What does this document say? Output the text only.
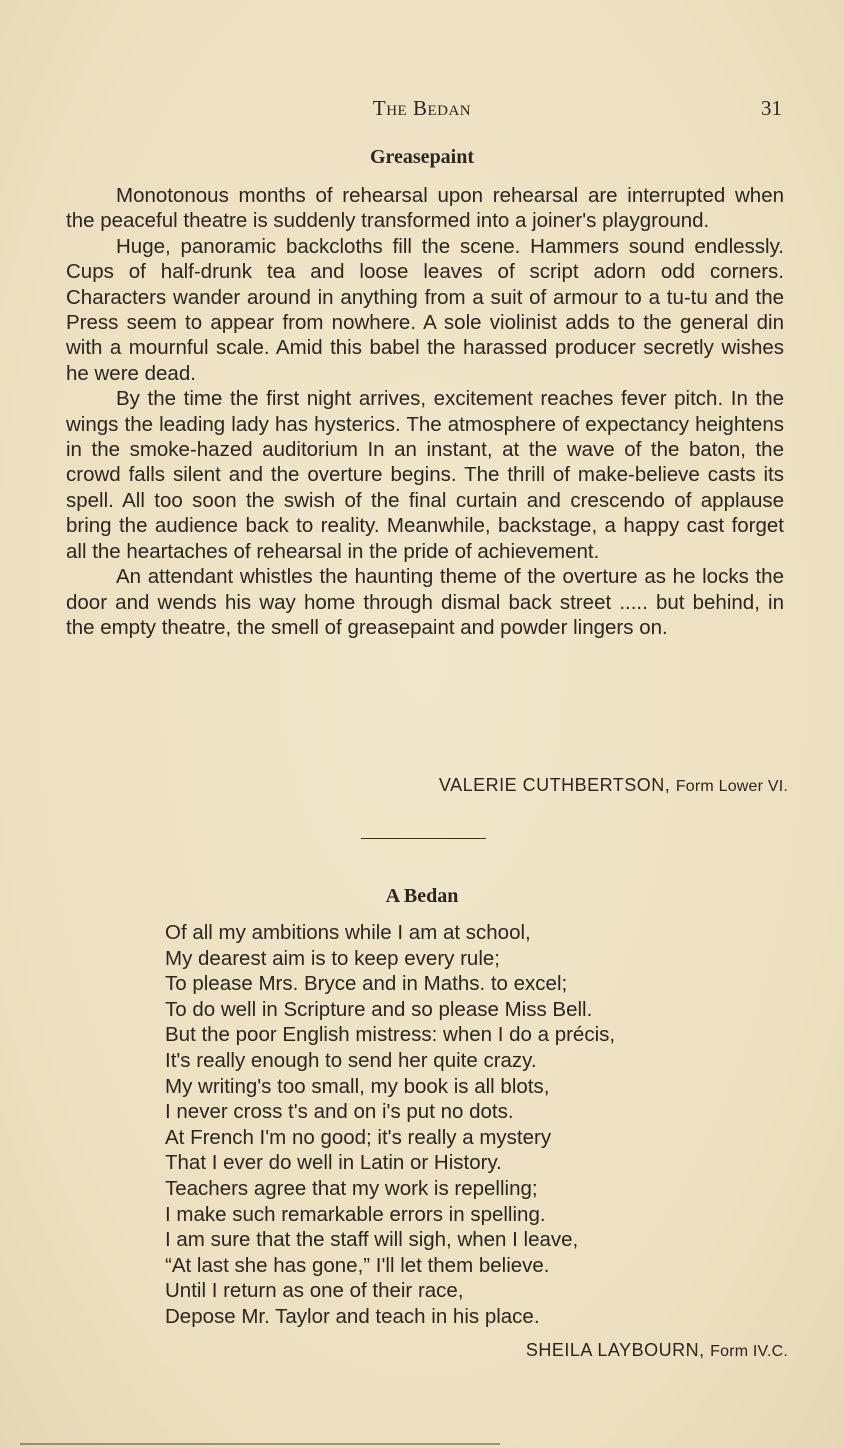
The Bedan	31
Greasepaint

Monotonous months of rehearsal upon rehearsal are interrupted when the peaceful theatre is suddenly transformed into a joiner's playground.

Huge, panoramic backcloths fill the scene. Hammers sound endlessly. Cups of half-drunk tea and loose leaves of script adorn odd corners. Characters wander around in anything from a suit of armour to a tu-tu and the Press seem to appear from nowhere. A sole violinist adds to the general din with a mournful scale. Amid this babel the harassed producer secretly wishes he were dead.

By the time the first night arrives, excitement reaches fever pitch. In the wings the leading lady has hysterics. The atmosphere of expectancy heightens in the smoke-hazed auditorium In an instant, at the wave of the baton, the crowd falls silent and the overture begins. The thrill of make-believe casts its spell. All too soon the swish of the final curtain and crescendo of applause bring the audience back to reality. Meanwhile, backstage, a happy cast forget all the heartaches of rehearsal in the pride of achievement.

An attendant whistles the haunting theme of the overture as he locks the door and wends his way home through dismal back street ..... but behind, in the empty theatre, the smell of greasepaint and powder lingers on.

VALERIE CUTHBERTSON, Form Lower VI.
A Bedan
Of all my ambitions while I am at school,
My dearest aim is to keep every rule;
To please Mrs. Bryce and in Maths. to excel;
To do well in Scripture and so please Miss Bell.
But the poor English mistress: when I do a précis,
It's really enough to send her quite crazy.
My writing's too small, my book is all blots,
I never cross t's and on i's put no dots.
At French I'm no good; it's really a mystery
That I ever do well in Latin or History.
Teachers agree that my work is repelling;
I make such remarkable errors in spelling.
I am sure that the staff will sigh, when I leave,
“At last she has gone,” I'll let them believe.
Until I return as one of their race,
Depose Mr. Taylor and teach in his place.
SHEILA LAYBOURN, Form IV.C.
